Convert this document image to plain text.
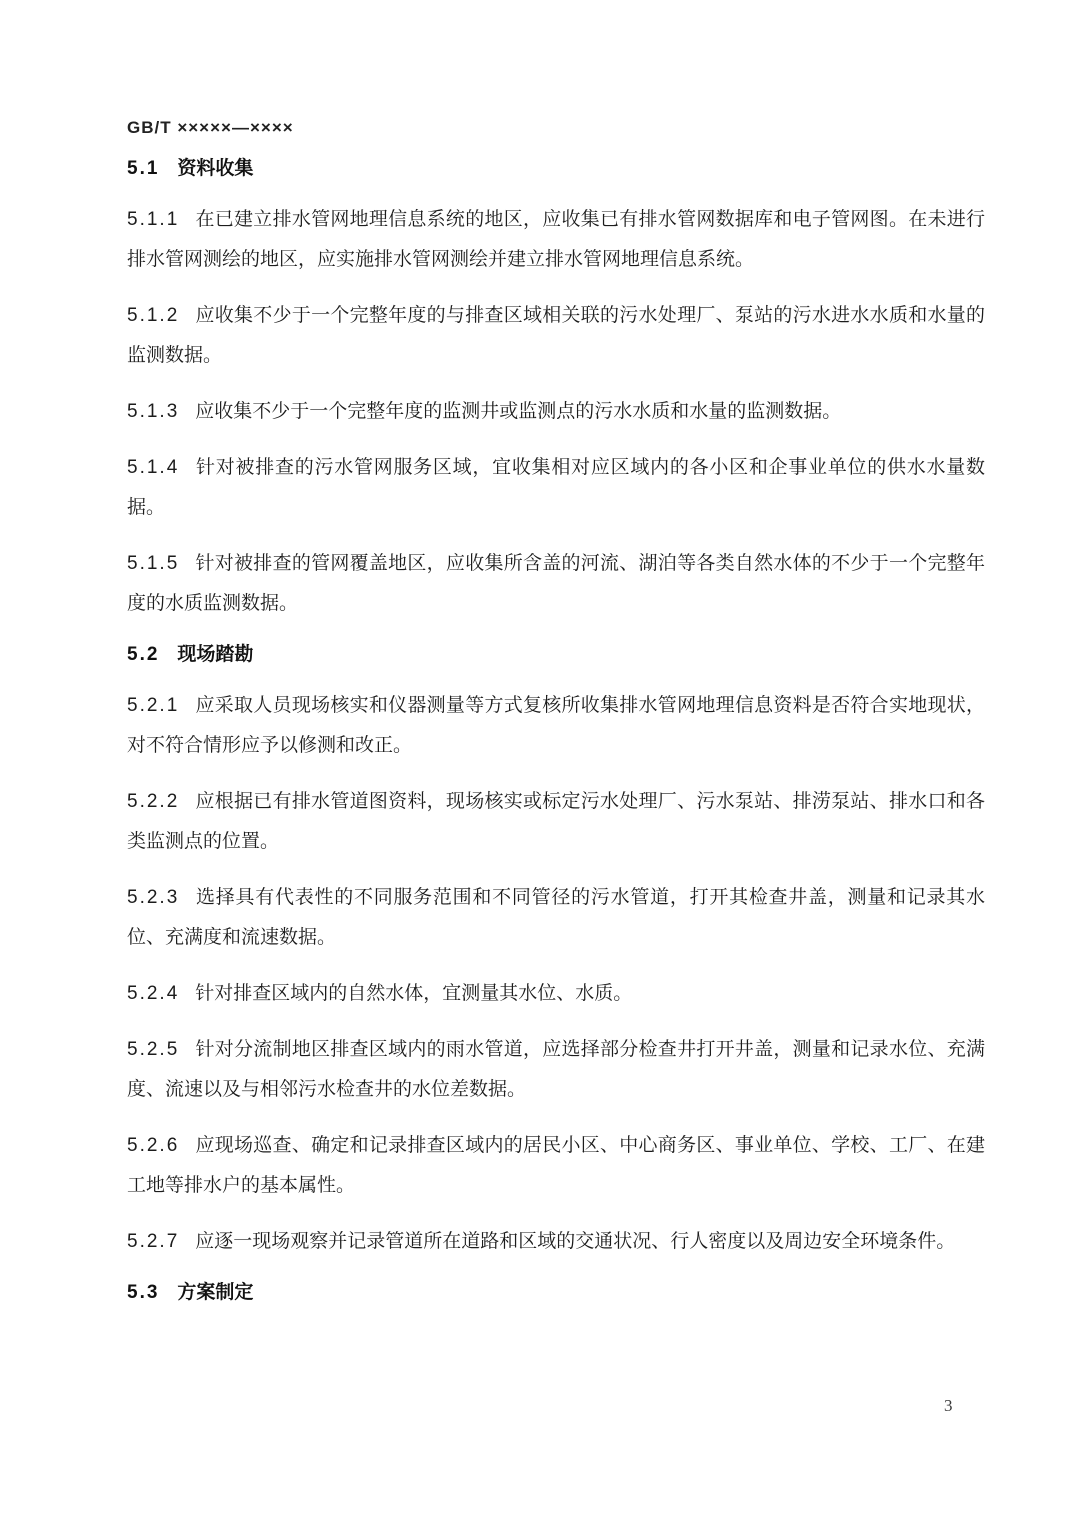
GB/T ×××××—××××
5.1 资料收集
5.1.1 在已建立排水管网地理信息系统的地区，应收集已有排水管网数据库和电子管网图。在未进行排水管网测绘的地区，应实施排水管网测绘并建立排水管网地理信息系统。
5.1.2 应收集不少于一个完整年度的与排查区域相关联的污水处理厂、泵站的污水进水水质和水量的监测数据。
5.1.3 应收集不少于一个完整年度的监测井或监测点的污水水质和水量的监测数据。
5.1.4 针对被排查的污水管网服务区域，宜收集相对应区域内的各小区和企事业单位的供水水量数据。
5.1.5 针对被排查的管网覆盖地区，应收集所含盖的河流、湖泊等各类自然水体的不少于一个完整年度的水质监测数据。
5.2 现场踏勘
5.2.1 应采取人员现场核实和仪器测量等方式复核所收集排水管网地理信息资料是否符合实地现状，对不符合情形应予以修测和改正。
5.2.2 应根据已有排水管道图资料，现场核实或标定污水处理厂、污水泵站、排涝泵站、排水口和各类监测点的位置。
5.2.3 选择具有代表性的不同服务范围和不同管径的污水管道，打开其检查井盖，测量和记录其水位、充满度和流速数据。
5.2.4 针对排查区域内的自然水体，宜测量其水位、水质。
5.2.5 针对分流制地区排查区域内的雨水管道，应选择部分检查井打开井盖，测量和记录水位、充满度、流速以及与相邻污水检查井的水位差数据。
5.2.6 应现场巡查、确定和记录排查区域内的居民小区、中心商务区、事业单位、学校、工厂、在建工地等排水户的基本属性。
5.2.7 应逐一现场观察并记录管道所在道路和区域的交通状况、行人密度以及周边安全环境条件。
5.3 方案制定
3
